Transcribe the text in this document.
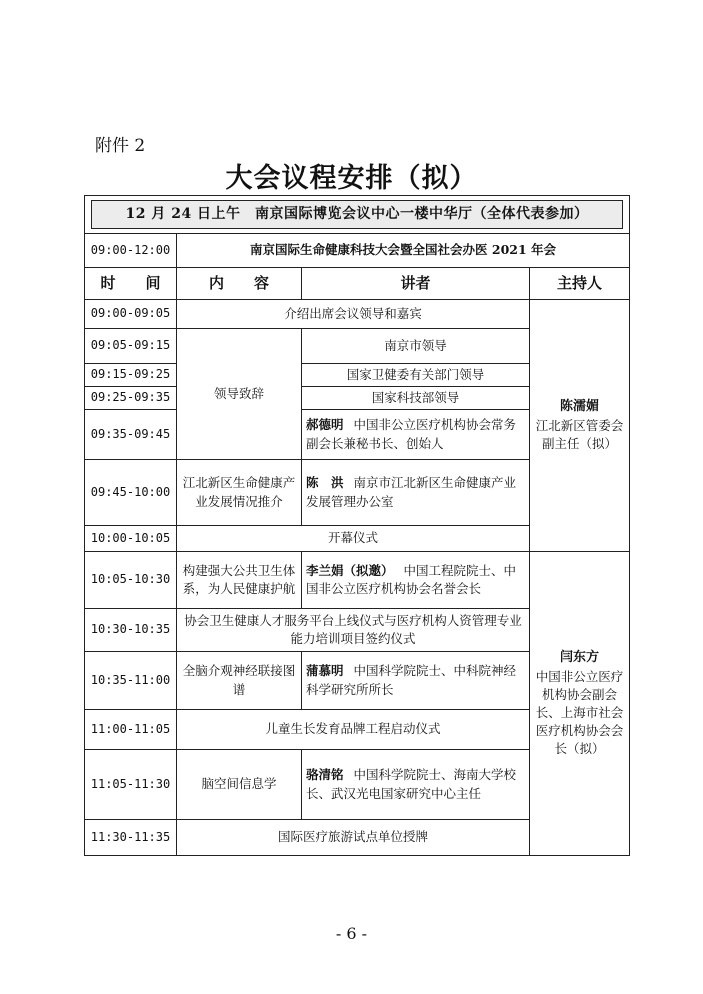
附件 2
大会议程安排（拟）
12 月 24 日上午　南京国际博览会议中心一楼中华厅（全体代表参加）			

09:00-12:00	南京国际生命健康科技大会暨全国社会办医 2021 年会		
时　　间	内　　容	讲者	主持人
09:00-09:05	介绍出席会议领导和嘉宾		陈濡媚
江北新区管委会副主任（拟）

09:05-09:15	领导致辞	南京市领导	
09:15-09:25		国家卫健委有关部门领导	
09:25-09:35		国家科技部领导	
09:35-09:45		郝德明 中国非公立医疗机构协会常务副会长兼秘书长、创始人	
09:45-10:00	江北新区生命健康产业发展情况推介	陈　洪 南京市江北新区生命健康产业发展管理办公室	
10:00-10:05	开幕仪式		
10:05-10:30	构建强大公共卫生体系，为人民健康护航	李兰娟（拟邀） 中国工程院院士、中国非公立医疗机构协会名誉会长	闫东方
中国非公立医疗机构协会副会长、上海市社会医疗机构协会会长（拟）

10:30-10:35	协会卫生健康人才服务平台上线仪式与医疗机构人资管理专业能力培训项目签约仪式		
10:35-11:00	全脑介观神经联接图谱	蒲慕明 中国科学院院士、中科院神经科学研究所所长	
11:00-11:05	儿童生长发育品牌工程启动仪式		
11:05-11:30	脑空间信息学	骆清铭 中国科学院院士、海南大学校长、武汉光电国家研究中心主任	
11:30-11:35	国际医疗旅游试点单位授牌		
- 6 -
